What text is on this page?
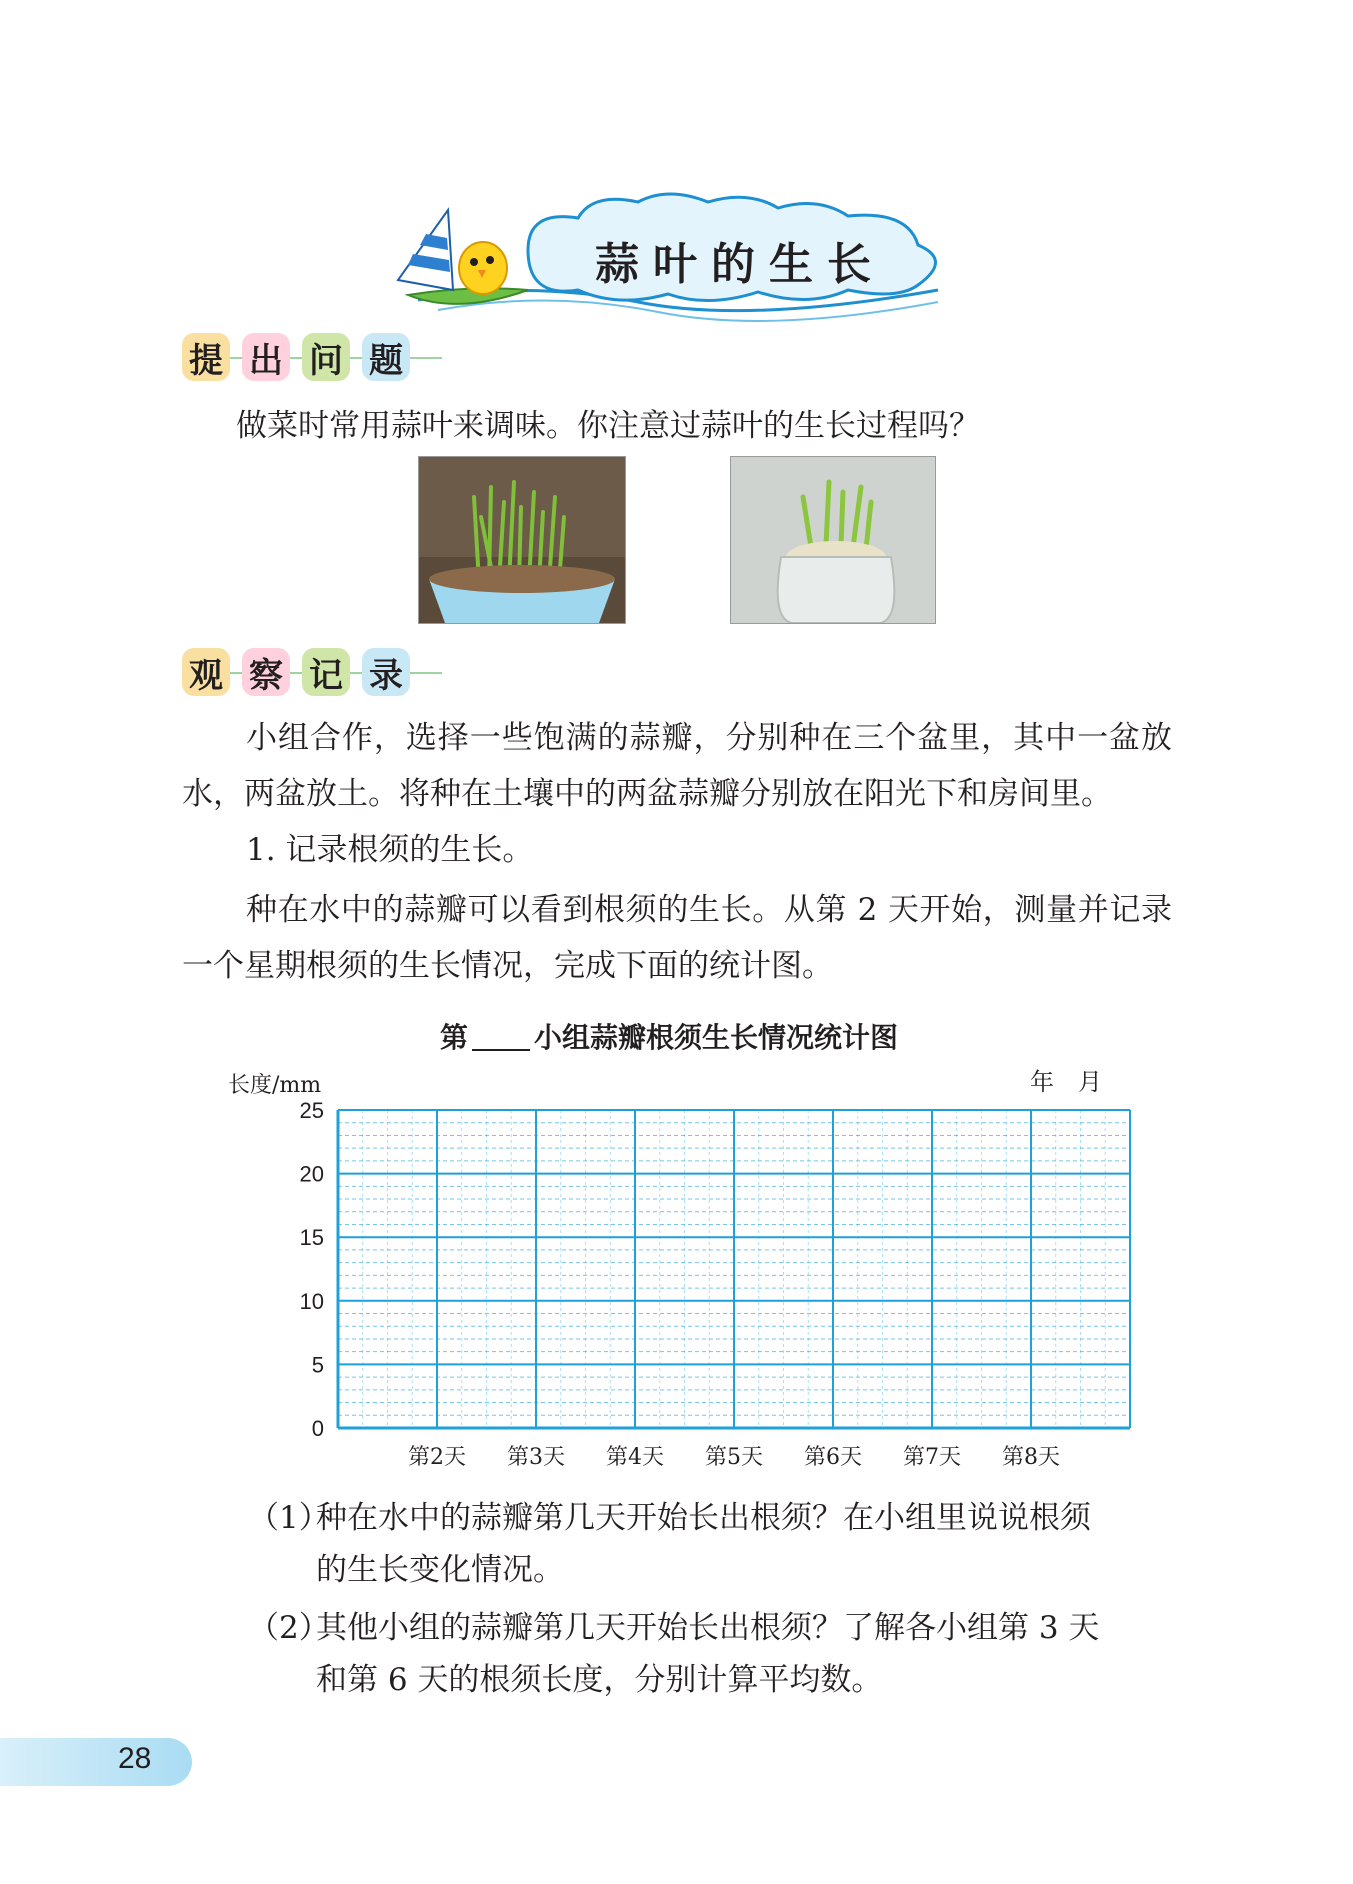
蒜叶的生长
提 出 问 题

做菜时常用蒜叶来调味。你注意过蒜叶的生长过程吗？

观 察 记 录

小组合作，选择一些饱满的蒜瓣，分别种在三个盆里，其中一盆放水，两盆放土。将种在土壤中的两盆蒜瓣分别放在阳光下和房间里。

1. 记录根须的生长。

种在水中的蒜瓣可以看到根须的生长。从第 2 天开始，测量并记录一个星期根须的生长情况，完成下面的统计图。

第 小组蒜瓣根须生长情况统计图
0
5
10
15
20
25
第2天 第3天 第4天 第5天 第6天 第7天 第8天
长度/mm	年　月
（1）种在水中的蒜瓣第几天开始长出根须？在小组里说说根须
的生长变化情况。
（2）其他小组的蒜瓣第几天开始长出根须？了解各小组第 3 天
和第 6 天的根须长度，分别计算平均数。
28
